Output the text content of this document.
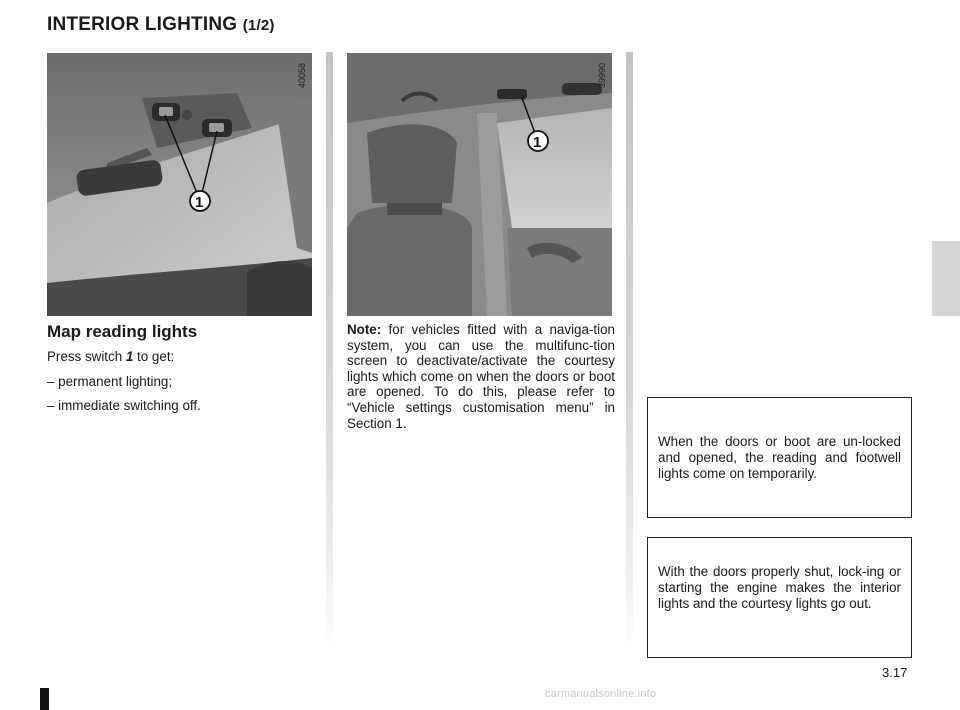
INTERIOR LIGHTING (1/2)
1
40058
1
39990
Map reading lights
Press switch 1 to get:
– permanent lighting;
– immediate switching off.
Note: for vehicles fitted with a naviga-tion system, you can use the multifunc-tion screen to deactivate/activate the courtesy lights which come on when the doors or boot are opened. To do this, please refer to “Vehicle settings customisation menu” in Section 1.

When the doors or boot are un-locked and opened, the reading and footwell lights come on temporarily.

With the doors properly shut, lock-ing or starting the engine makes the interior lights and the courtesy lights go out.

3.17
carmanualsonline.info
